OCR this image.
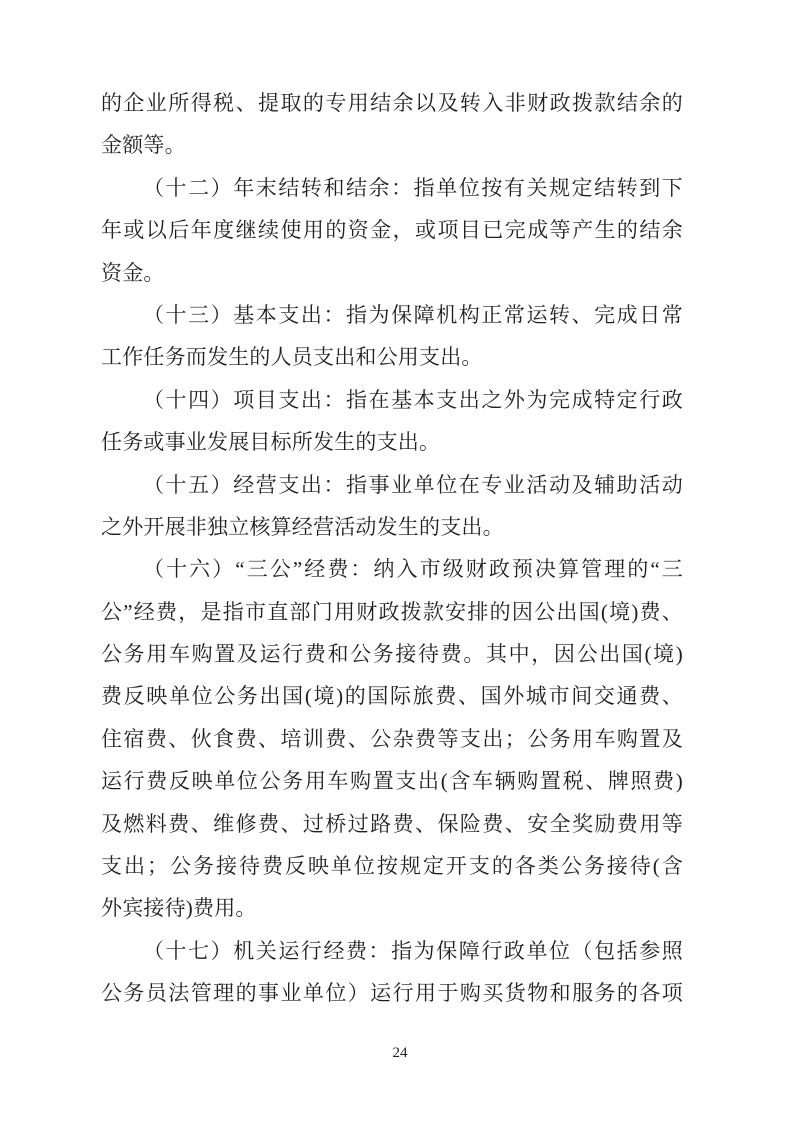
的企业所得税、提取的专用结余以及转入非财政拨款结余的
金额等。
（十二）年末结转和结余：指单位按有关规定结转到下
年或以后年度继续使用的资金，或项目已完成等产生的结余
资金。
（十三）基本支出：指为保障机构正常运转、完成日常
工作任务而发生的人员支出和公用支出。
（十四）项目支出：指在基本支出之外为完成特定行政
任务或事业发展目标所发生的支出。
（十五）经营支出：指事业单位在专业活动及辅助活动
之外开展非独立核算经营活动发生的支出。
（十六）“三公”经费：纳入市级财政预决算管理的“三
公”经费，是指市直部门用财政拨款安排的因公出国(境)费、
公务用车购置及运行费和公务接待费。其中，因公出国(境)
费反映单位公务出国(境)的国际旅费、国外城市间交通费、
住宿费、伙食费、培训费、公杂费等支出；公务用车购置及
运行费反映单位公务用车购置支出(含车辆购置税、牌照费)
及燃料费、维修费、过桥过路费、保险费、安全奖励费用等
支出；公务接待费反映单位按规定开支的各类公务接待(含
外宾接待)费用。
（十七）机关运行经费：指为保障行政单位（包括参照
公务员法管理的事业单位）运行用于购买货物和服务的各项
24
